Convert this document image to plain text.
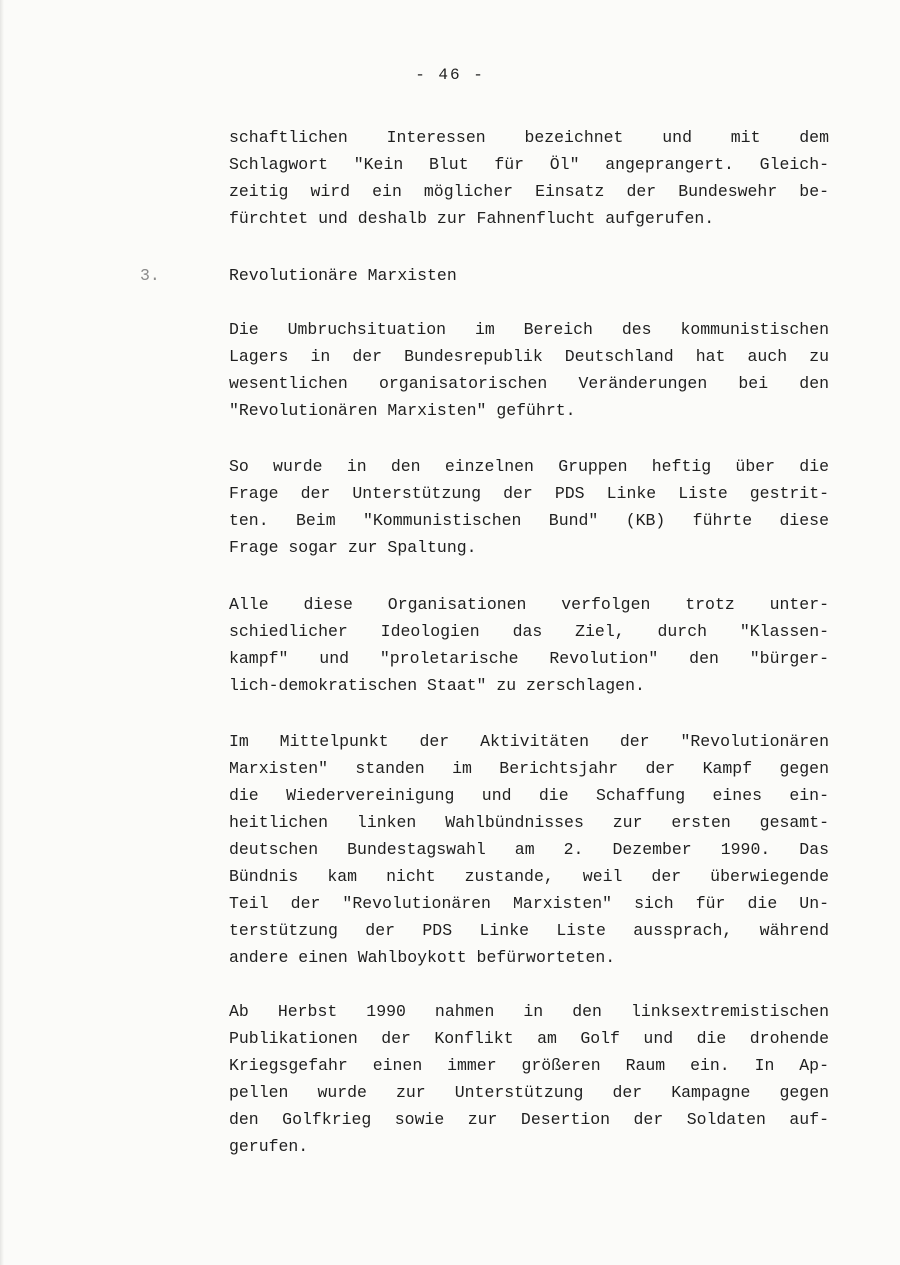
- 46 -
schaftlichen Interessen bezeichnet und mit dem
Schlagwort "Kein Blut für Öl" angeprangert. Gleich-
zeitig wird ein möglicher Einsatz der Bundeswehr be-
fürchtet und deshalb zur Fahnenflucht aufgerufen.
3.	Revolutionäre Marxisten
Die Umbruchsituation im Bereich des kommunistischen
Lagers in der Bundesrepublik Deutschland hat auch zu
wesentlichen organisatorischen Veränderungen bei den
"Revolutionären Marxisten" geführt.
So wurde in den einzelnen Gruppen heftig über die
Frage der Unterstützung der PDS Linke Liste gestrit-
ten. Beim "Kommunistischen Bund" (KB) führte diese
Frage sogar zur Spaltung.
Alle diese Organisationen verfolgen trotz unter-
schiedlicher Ideologien das Ziel, durch "Klassen-
kampf" und "proletarische Revolution" den "bürger-
lich-demokratischen Staat" zu zerschlagen.
Im Mittelpunkt der Aktivitäten der "Revolutionären
Marxisten" standen im Berichtsjahr der Kampf gegen
die Wiedervereinigung und die Schaffung eines ein-
heitlichen linken Wahlbündnisses zur ersten gesamt-
deutschen Bundestagswahl am 2. Dezember 1990. Das
Bündnis kam nicht zustande, weil der überwiegende
Teil der "Revolutionären Marxisten" sich für die Un-
terstützung der PDS Linke Liste aussprach, während
andere einen Wahlboykott befürworteten.
Ab Herbst 1990 nahmen in den linksextremistischen
Publikationen der Konflikt am Golf und die drohende
Kriegsgefahr einen immer größeren Raum ein. In Ap-
pellen wurde zur Unterstützung der Kampagne gegen
den Golfkrieg sowie zur Desertion der Soldaten auf-
gerufen.
